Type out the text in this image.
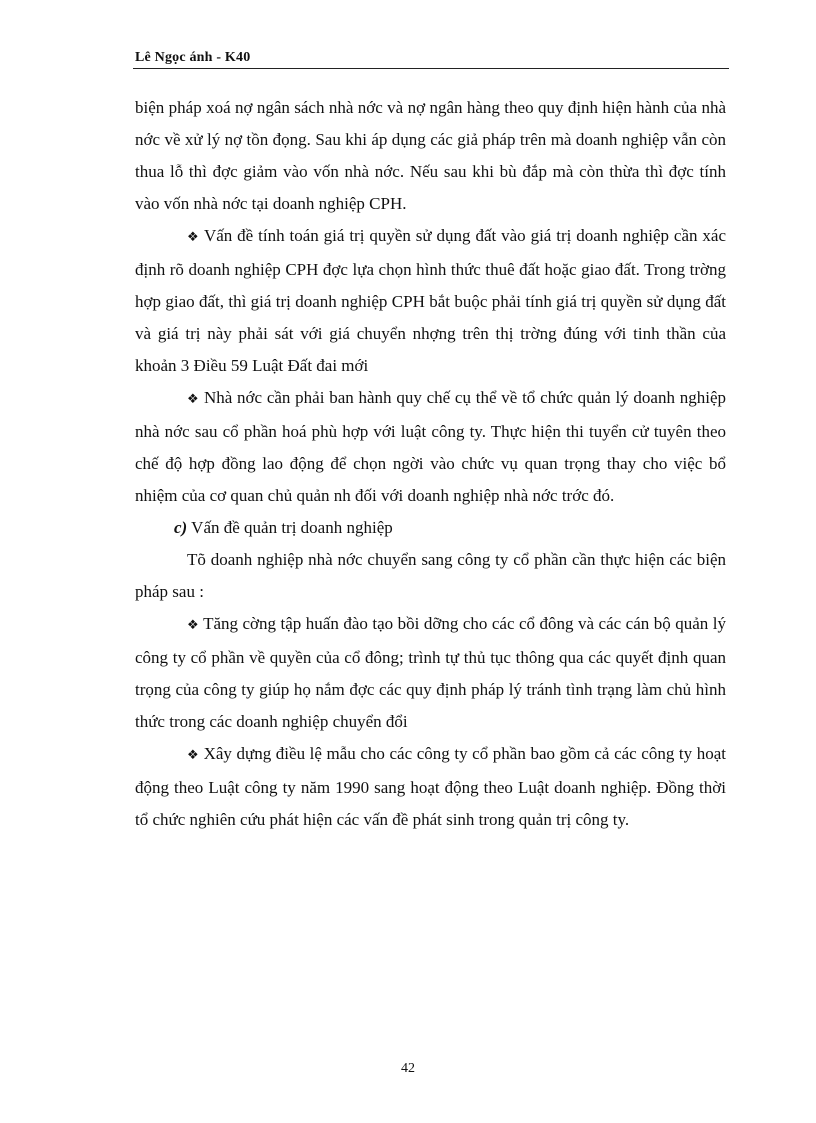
Lê Ngọc ánh - K40

biện pháp xoá nợ ngân sách nhà nớc và nợ ngân hàng theo quy định hiện hành của nhà nớc về xử lý nợ tồn đọng. Sau khi áp dụng các giả pháp trên mà doanh nghiệp vẫn còn thua lỗ thì đợc giảm vào vốn nhà nớc. Nếu sau khi bù đắp mà còn thừa thì đợc tính vào vốn nhà nớc tại doanh nghiệp CPH.

❖ Vấn đề tính toán giá trị quyền sử dụng đất vào giá trị doanh nghiệp cần xác định rõ doanh nghiệp CPH đợc lựa chọn hình thức thuê đất hoặc giao đất. Trong trờng hợp giao đất, thì giá trị doanh nghiệp CPH bắt buộc phải tính giá trị quyền sử dụng đất và giá trị này phải sát với giá chuyển nhợng trên thị trờng đúng với tinh thần của khoản 3 Điều 59 Luật Đất đai mới

❖ Nhà nớc cần phải ban hành quy chế cụ thể về tổ chức quản lý doanh nghiệp nhà nớc sau cổ phần hoá phù hợp với luật công ty. Thực hiện thi tuyển cử tuyên theo chế độ hợp đồng lao động để chọn ngời vào chức vụ quan trọng thay cho việc bổ nhiệm của cơ quan chủ quản nh đối với doanh nghiệp nhà nớc trớc đó.

c) Vấn đề quản trị doanh nghiệp

Tõ doanh nghiệp nhà nớc chuyển sang công ty cổ phần cần thực hiện các biện pháp sau :

❖ Tăng cờng tập huấn đào tạo bồi dỡng cho các cổ đông và các cán bộ quản lý công ty cổ phần về quyền của cổ đông; trình tự thủ tục thông qua các quyết định quan trọng của công ty giúp họ nắm đợc các quy định pháp lý tránh tình trạng làm chủ hình thức trong các doanh nghiệp chuyển đổi

❖ Xây dựng điều lệ mẫu cho các công ty cổ phần bao gồm cả các công ty hoạt động theo Luật công ty năm 1990 sang hoạt động theo Luật doanh nghiệp. Đồng thời tổ chức nghiên cứu phát hiện các vấn đề phát sinh trong quản trị công ty.

42
